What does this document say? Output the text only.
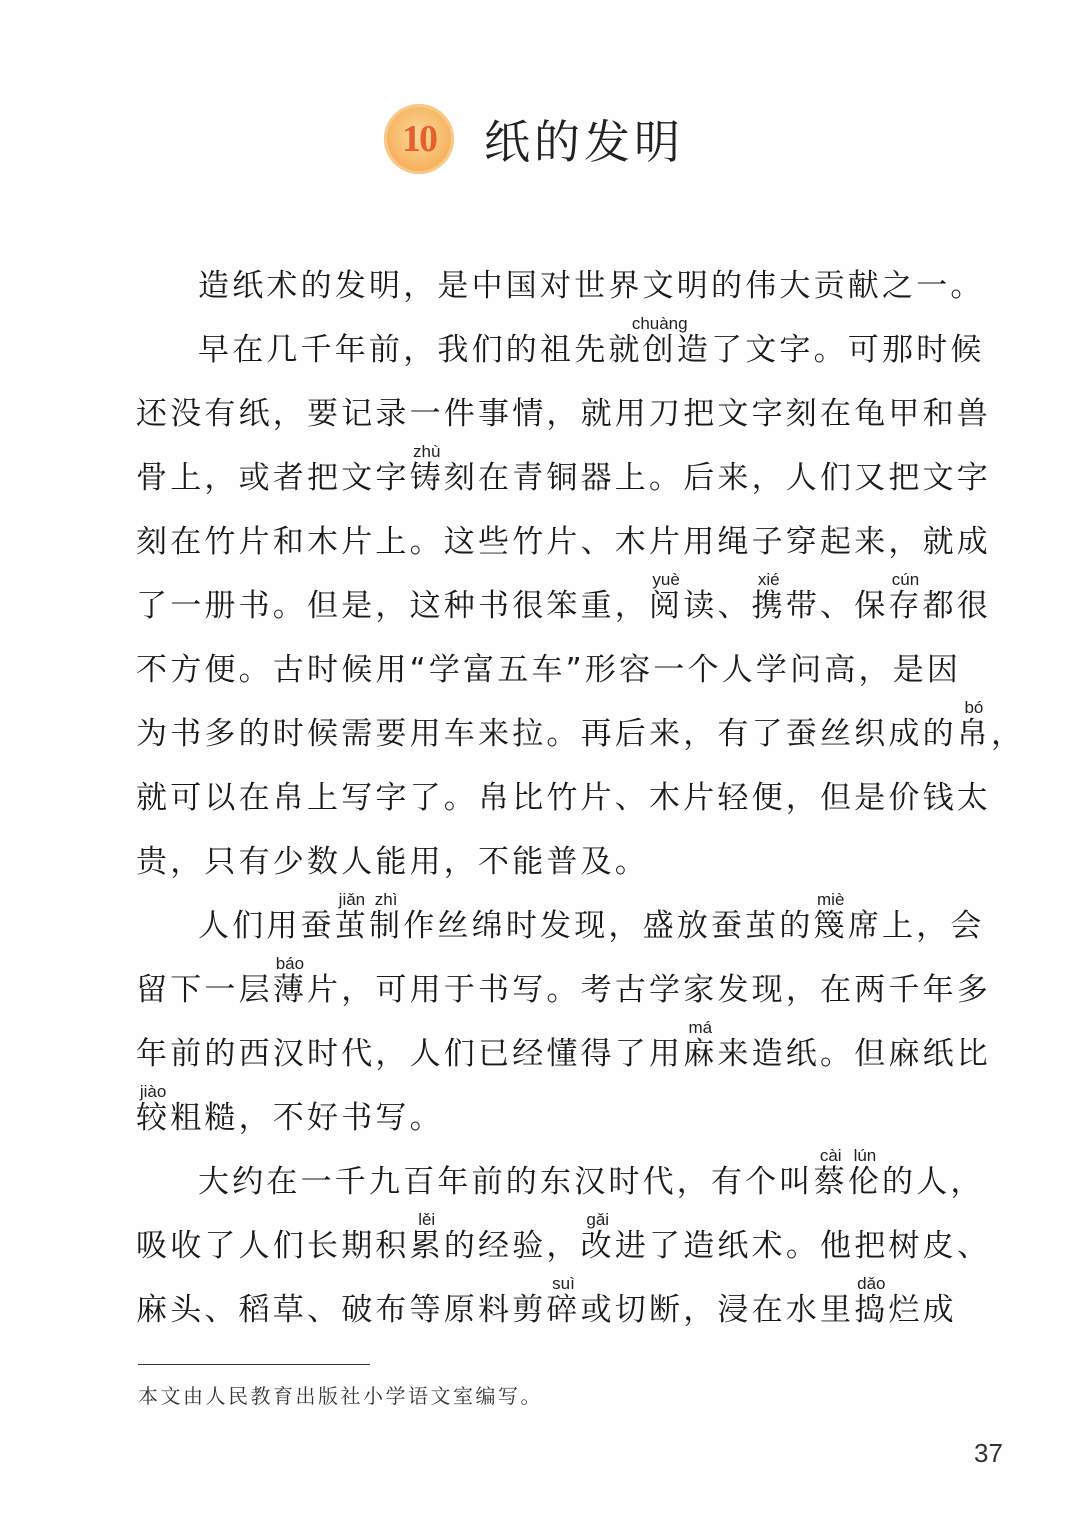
10	纸的发明
造纸术的发明，是中国对世界文明的伟大贡献之一。
早在几千年前，我们的祖先就
chuàng
创造了文字。可那时候
还没有纸，要记录一件事情，就用刀把文字刻在龟甲和兽
骨上，或者把文字
zhù
铸刻在青铜器上。后来，人们又把文字
刻在竹片和木片上。这些竹片、木片用绳子穿起来，就成
了一册书。但是，这种书很笨重，
yuè
阅读、
xié
携带、保
cún
存都很
不方便。古时候用“学富五车”形容一个人学问高，是因
为书多的时候需要用车来拉。再后来，有了蚕丝织成的
bó
帛，
就可以在帛上写字了。帛比竹片、木片轻便，但是价钱太
贵，只有少数人能用，不能普及。
人们用蚕
jiǎn
茧
zhì
制作丝绵时发现，盛放蚕茧的
miè
篾席上，会
留下一层
báo
薄片，可用于书写。考古学家发现，在两千年多
年前的西汉时代，人们已经懂得了用
má
麻来造纸。但麻纸比
jiào
较粗糙，不好书写。
大约在一千九百年前的东汉时代，有个叫
cài
蔡
lún
伦的人，
吸收了人们长期积
lěi
累的经验，
gǎi
改进了造纸术。他把树皮、
麻头、稻草、破布等原料剪
suì
碎或切断，浸在水里
dǎo
捣烂成
本文由人民教育出版社小学语文室编写。
37
